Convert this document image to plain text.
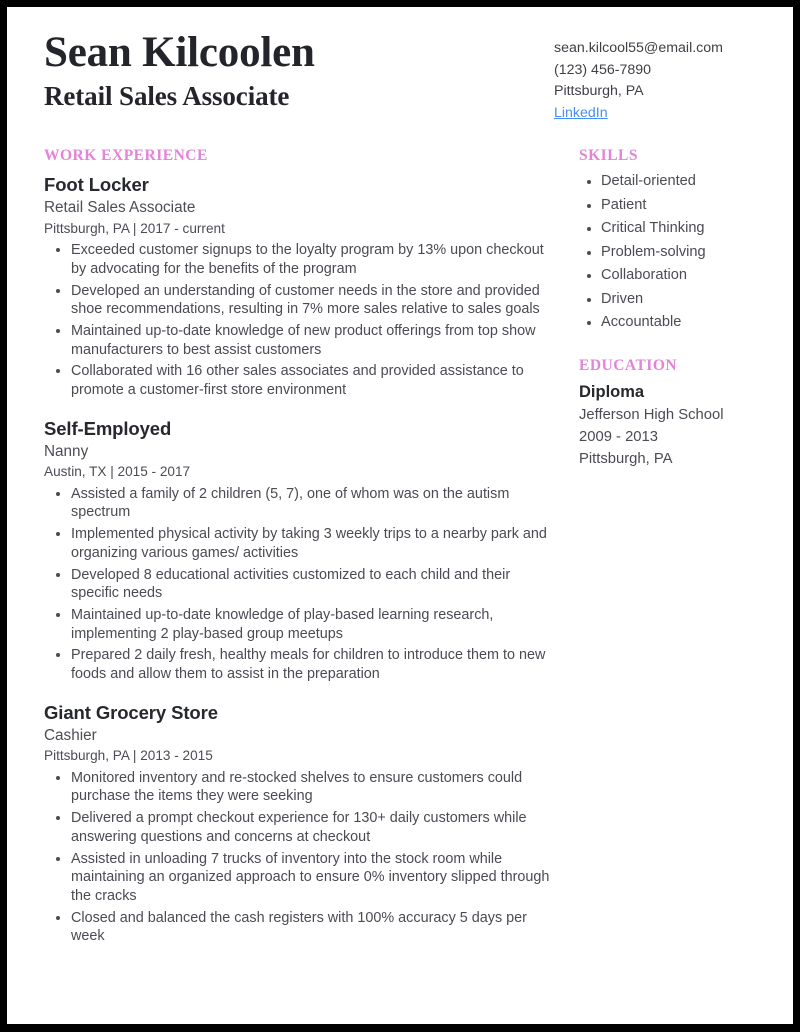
Sean Kilcoolen
Retail Sales Associate
sean.kilcool55@email.com
(123) 456-7890
Pittsburgh, PA
LinkedIn
WORK EXPERIENCE
Foot Locker
Retail Sales Associate
Pittsburgh, PA | 2017 - current
Exceeded customer signups to the loyalty program by 13% upon checkout by advocating for the benefits of the program
Developed an understanding of customer needs in the store and provided shoe recommendations, resulting in 7% more sales relative to sales goals
Maintained up-to-date knowledge of new product offerings from top show manufacturers to best assist customers
Collaborated with 16 other sales associates and provided assistance to promote a customer-first store environment
Self-Employed
Nanny
Austin, TX | 2015 - 2017
Assisted a family of 2 children (5, 7), one of whom was on the autism spectrum
Implemented physical activity by taking 3 weekly trips to a nearby park and organizing various games/ activities
Developed 8 educational activities customized to each child and their specific needs
Maintained up-to-date knowledge of play-based learning research, implementing 2 play-based group meetups
Prepared 2 daily fresh, healthy meals for children to introduce them to new foods and allow them to assist in the preparation
Giant Grocery Store
Cashier
Pittsburgh, PA | 2013 - 2015
Monitored inventory and re-stocked shelves to ensure customers could purchase the items they were seeking
Delivered a prompt checkout experience for 130+ daily customers while answering questions and concerns at checkout
Assisted in unloading 7 trucks of inventory into the stock room while maintaining an organized approach to ensure 0% inventory slipped through the cracks
Closed and balanced the cash registers with 100% accuracy 5 days per week
SKILLS
Detail-oriented
Patient
Critical Thinking
Problem-solving
Collaboration
Driven
Accountable
EDUCATION
Diploma
Jefferson High School
2009 - 2013
Pittsburgh, PA
